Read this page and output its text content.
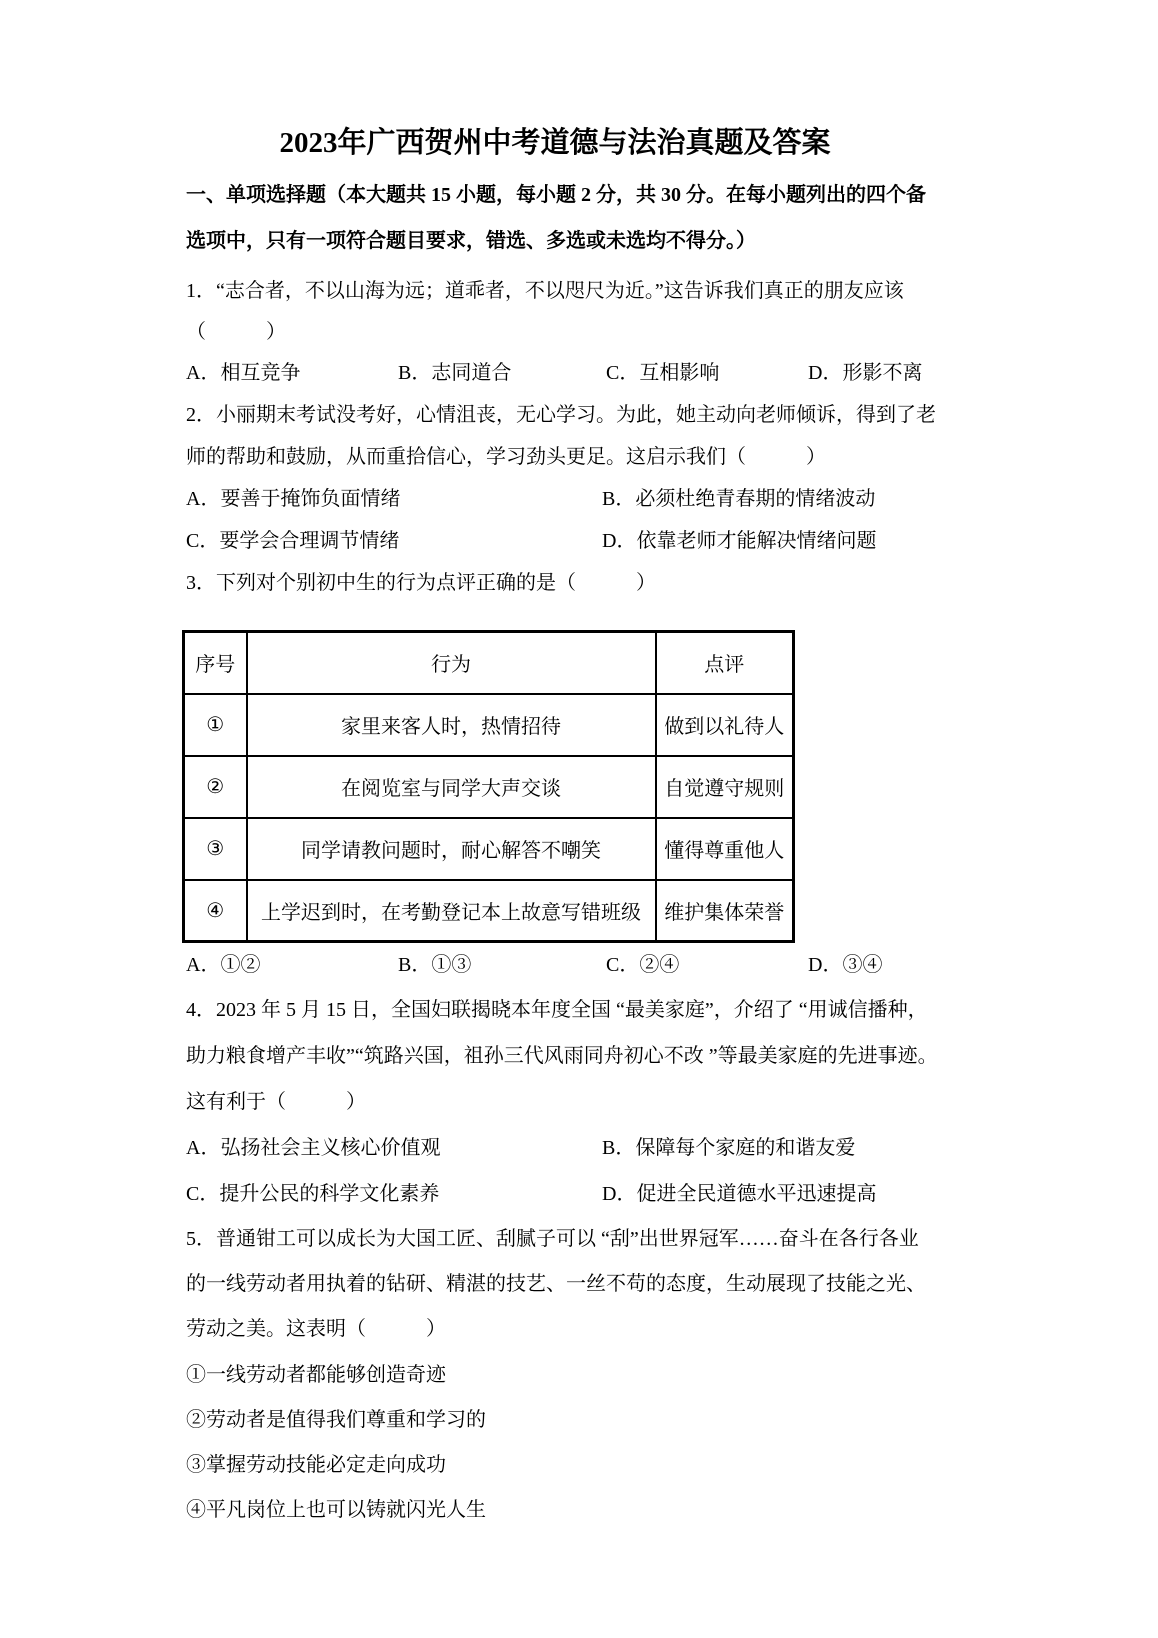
2023年广西贺州中考道德与法治真题及答案
一、单项选择题（本大题共 15 小题，每小题 2 分，共 30 分。在每小题列出的四个备
选项中，只有一项符合题目要求，错选、多选或未选均不得分。）
1．“志合者，不以山海为远；道乖者，不以咫尺为近。”这告诉我们真正的朋友应该
（　　　）
A．相互竞争	B．志同道合	C．互相影响	D．形影不离
2．小丽期末考试没考好，心情沮丧，无心学习。为此，她主动向老师倾诉，得到了老
师的帮助和鼓励，从而重拾信心，学习劲头更足。这启示我们（　　　）
A．要善于掩饰负面情绪	B．必须杜绝青春期的情绪波动
C．要学会合理调节情绪	D．依靠老师才能解决情绪问题
3．下列对个别初中生的行为点评正确的是（　　　）
序号	行为	点评
①	家里来客人时，热情招待	做到以礼待人
②	在阅览室与同学大声交谈	自觉遵守规则
③	同学请教问题时，耐心解答不嘲笑	懂得尊重他人
④	上学迟到时，在考勤登记本上故意写错班级	维护集体荣誉
A．①②	B．①③	C．②④	D．③④
4．2023 年 5 月 15 日，全国妇联揭晓本年度全国 “最美家庭”，介绍了 “用诚信播种，
助力粮食增产丰收”“筑路兴国，祖孙三代风雨同舟初心不改 ”等最美家庭的先进事迹。
这有利于（　　　）
A．弘扬社会主义核心价值观	B．保障每个家庭的和谐友爱
C．提升公民的科学文化素养	D．促进全民道德水平迅速提高
5．普通钳工可以成长为大国工匠、刮腻子可以 “刮”出世界冠军……奋斗在各行各业
的一线劳动者用执着的钻研、精湛的技艺、一丝不苟的态度，生动展现了技能之光、
劳动之美。这表明（　　　）
①一线劳动者都能够创造奇迹
②劳动者是值得我们尊重和学习的
③掌握劳动技能必定走向成功
④平凡岗位上也可以铸就闪光人生
